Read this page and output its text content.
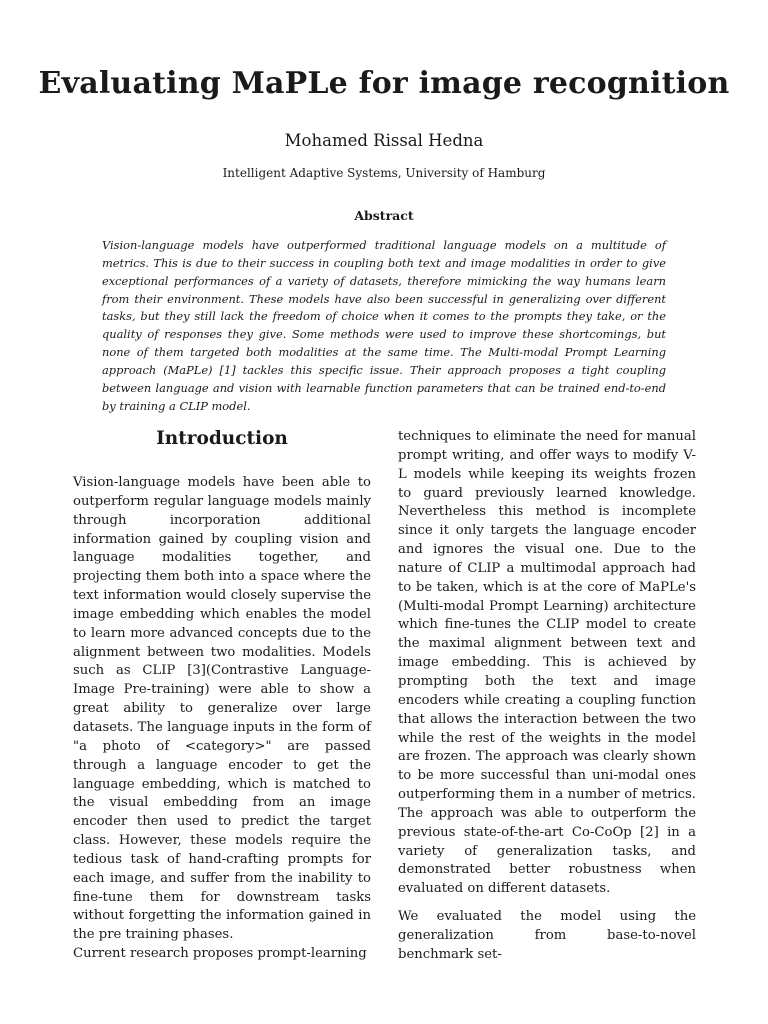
Evaluating MaPLe for image recognition
Mohamed Rissal Hedna
Intelligent Adaptive Systems, University of Hamburg
Abstract

Vision-language models have outperformed traditional language models on a multitude of metrics. This is due to their success in coupling both text and image modalities in order to give exceptional performances of a variety of datasets, therefore mimicking the way humans learn from their environment. These models have also been successful in generalizing over different tasks, but they still lack the freedom of choice when it comes to the prompts they take, or the quality of responses they give. Some methods were used to improve these shortcomings, but none of them targeted both modalities at the same time. The Multi-modal Prompt Learning approach (MaPLe) [1] tackles this specific issue. Their approach proposes a tight coupling between language and vision with learnable function parameters that can be trained end-to-end by training a CLIP model.

Introduction

Vision-language models have been able to outperform regular language models mainly through incorporation additional information gained by coupling vision and language modalities together, and projecting them both into a space where the text information would closely supervise the image embedding which enables the model to learn more advanced concepts due to the alignment between two modalities. Models such as CLIP [3](Contrastive Language-Image Pre-training) were able to show a great ability to generalize over large datasets. The language inputs in the form of "a photo of <category>" are passed through a language encoder to get the language embedding, which is matched to the visual embedding from an image encoder then used to predict the target class. However, these models require the tedious task of hand-crafting prompts for each image, and suffer from the inability to fine-tune them for downstream tasks without forgetting the information gained in the pre training phases.

Current research proposes prompt-learning

techniques to eliminate the need for manual prompt writing, and offer ways to modify V-L models while keeping its weights frozen to guard previously learned knowledge. Nevertheless this method is incomplete since it only targets the language encoder and ignores the visual one. Due to the nature of CLIP a multimodal approach had to be taken, which is at the core of MaPLe's (Multi-modal Prompt Learning) architecture which fine-tunes the CLIP model to create the maximal alignment between text and image embedding. This is achieved by prompting both the text and image encoders while creating a coupling function that allows the interaction between the two while the rest of the weights in the model are frozen. The approach was clearly shown to be more successful than uni-modal ones outperforming them in a number of metrics. The approach was able to outperform the previous state-of-the-art Co-CoOp [2] in a variety of generalization tasks, and demonstrated better robustness when evaluated on different datasets.

We evaluated the model using the generalization from base-to-novel benchmark set-
